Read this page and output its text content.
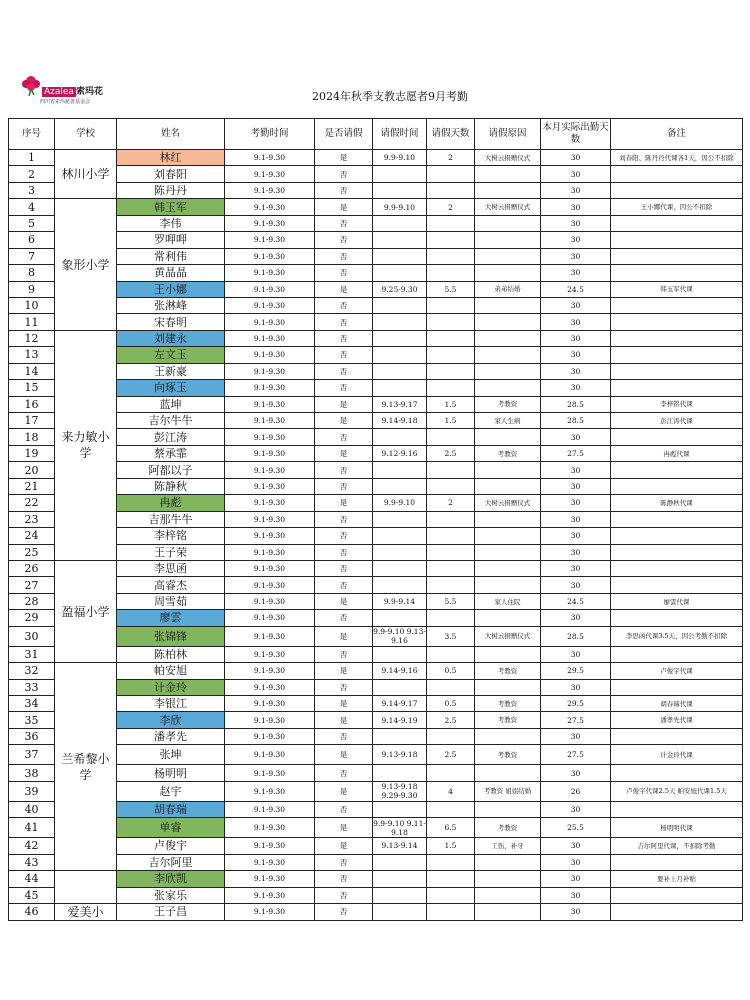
Azalea 索玛花
四川省索玛慈善基金会	2024年秋季支教志愿者9月考勤
序号	学校	姓名	考勤时间	是否请假	请假时间	请假天数	请假原因	本月实际出勤天数	备注
1	林川小学	林红	9.1-9.30	是	9.9-9.10	2	大树云捐赠仪式	30	刘春阳、陈丹丹代课各1天，因公不扣除
2		刘春阳	9.1-9.30	否				30	
3		陈丹丹	9.1-9.30	否				30	
4	象形小学	韩玉军	9.1-9.30	是	9.9-9.10	2	大树云捐赠仪式	30	王小娜代课，因公不扣除
5		李伟	9.1-9.30	否				30	
6		罗呷呷	9.1-9.30	否				30	
7		常利伟	9.1-9.30	否				30	
8		黄晶晶	9.1-9.30	否				30	
9		王小娜	9.1-9.30	是	9.25-9.30	5.5	弟弟结婚	24.5	韩玉军代课
10		张淋峰	9.1-9.30	否				30	
11		宋春明	9.1-9.30	否				30	
12	来力敏小学	刘建永	9.1-9.30	否				30	
13		左文玉	9.1-9.30	否				30	
14		王新豪	9.1-9.30	否				30	
15		向琢玉	9.1-9.30	否				30	
16		蓝坤	9.1-9.30	是	9.13-9.17	1.5	考教资	28.5	李梓铭代课
17		吉尔牛牛	9.1-9.30	是	9.14-9.18	1.5	家人生病	28.5	彭江涛代课
18		彭江涛	9.1-9.30	否				30	
19		蔡承霏	9.1-9.30	是	9.12-9.16	2.5	考教资	27.5	冉彪代课
20		阿都以子	9.1-9.30	否				30	
21		陈静秋	9.1-9.30	否				30	
22		冉彪	9.1-9.30	是	9.9-9.10	2	大树云捐赠仪式	30	陈静秋代课
23		吉那牛牛	9.1-9.30	否				30	
24		李梓铭	9.1-9.30	否				30	
25		王子荣	9.1-9.30	否				30	
26	盈福小学	李思函	9.1-9.30	否				30	
27		高睿杰	9.1-9.30	否				30	
28		周雪茹	9.1-9.30	是	9.9-9.14	5.5	家人住院	24.5	廖雲代课
29		廖雲	9.1-9.30	否				30	
30		张锦锋	9.1-9.30	是	9.9-9.10 9.13-9.16	3.5	大树云捐赠仪式	28.5	李思函代课3.5天，因公考勤不扣除
31		陈柏林	9.1-9.30	否				30	
32	兰希黎小学	帕安旭	9.1-9.30	是	9.14-9.16	0.5	考教资	29.5	卢俊宇代课
33		计金玲	9.1-9.30	否				30	
34		李银江	9.1-9.30	是	9.14-9.17	0.5	考教资	29.5	胡春瑞代课
35		李欣	9.1-9.30	是	9.14-9.19	2.5	考教资	27.5	潘孝先代课
36		潘孝先	9.1-9.30	否				30	
37		张坤	9.1-9.30	是	9.13-9.18	2.5	考教资	27.5	计金玲代课
38		杨明明	9.1-9.30	否				30	
39		赵宇	9.1-9.30	是	9.13-9.18 9.29-9.30	4	考教资 姐姐结婚	26	卢俊宇代课2.5天 帕安旭代课1.5天
40		胡春瑞	9.1-9.30	否				30	
41		单睿	9.1-9.30	是	9.9-9.10 9.11-9.18	6.5	考教资	25.5	杨明明代课
42		卢俊宇	9.1-9.30	是	9.13-9.14	1.5	工伤，补牙	30	吉尔阿里代课，不扣除考勤
43		吉尔阿里	9.1-9.30	否				30	
44		李欣凯	9.1-9.30	否				30	要补上月补贴
45		张家乐	9.1-9.30	否				30	
46	爱美小	王子昌	9.1-9.30	否				30	
